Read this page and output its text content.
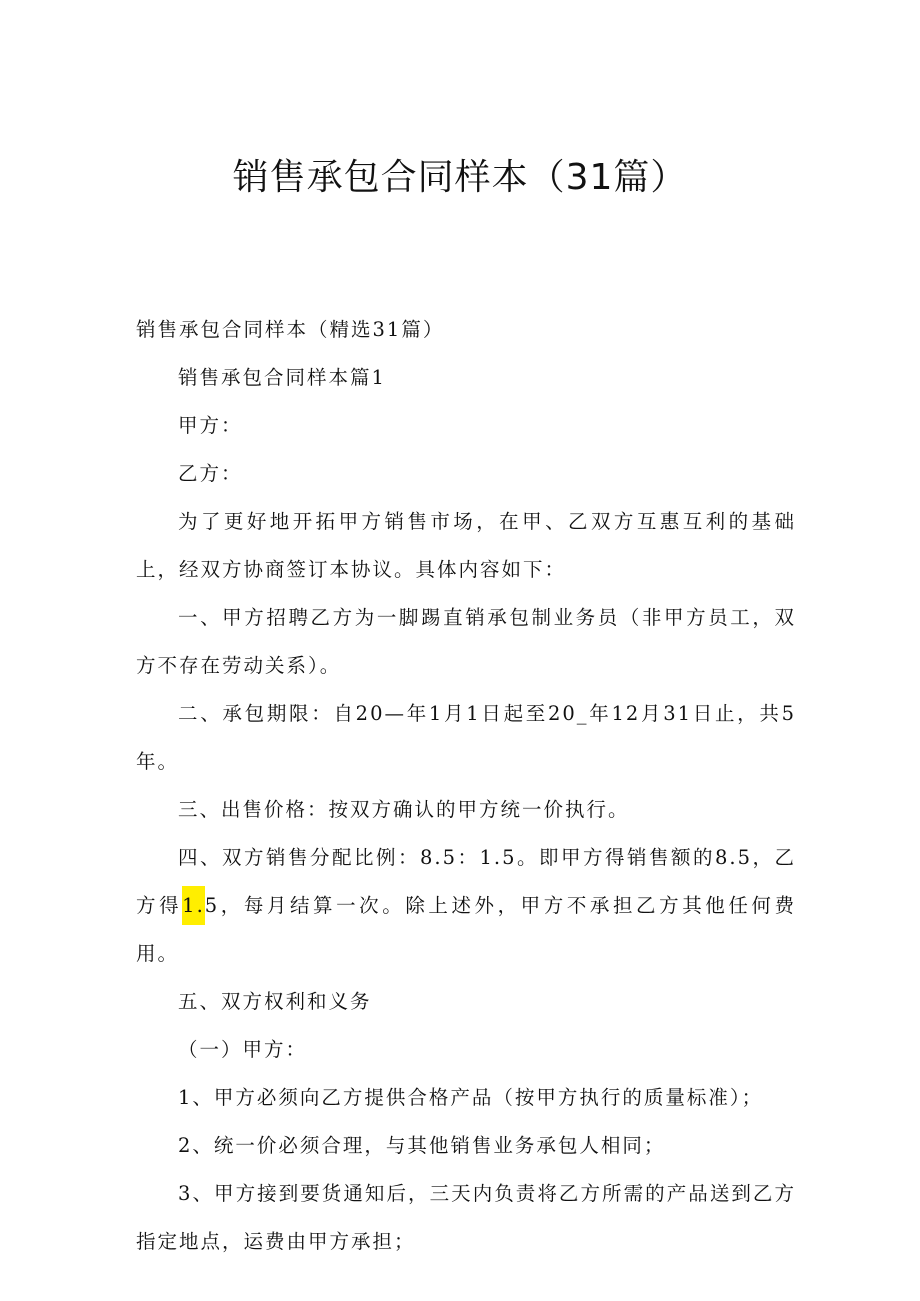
销售承包合同样本（31篇）

销售承包合同样本（精选31篇）

销售承包合同样本篇1

甲方：

乙方：

为了更好地开拓甲方销售市场，在甲、乙双方互惠互利的基础上，经双方协商签订本协议。具体内容如下：

一、甲方招聘乙方为一脚踢直销承包制业务员（非甲方员工，双方不存在劳动关系）。

二、承包期限：自20—年1月1日起至20_年12月31日止，共5年。

三、出售价格：按双方确认的甲方统一价执行。

四、双方销售分配比例：8.5：1.5。即甲方得销售额的8.5，乙方得1.5，每月结算一次。除上述外，甲方不承担乙方其他任何费用。

五、双方权利和义务

（一）甲方：

1、甲方必须向乙方提供合格产品（按甲方执行的质量标准）；

2、统一价必须合理，与其他销售业务承包人相同；

3、甲方接到要货通知后，三天内负责将乙方所需的产品送到乙方指定地点，运费由甲方承担；
